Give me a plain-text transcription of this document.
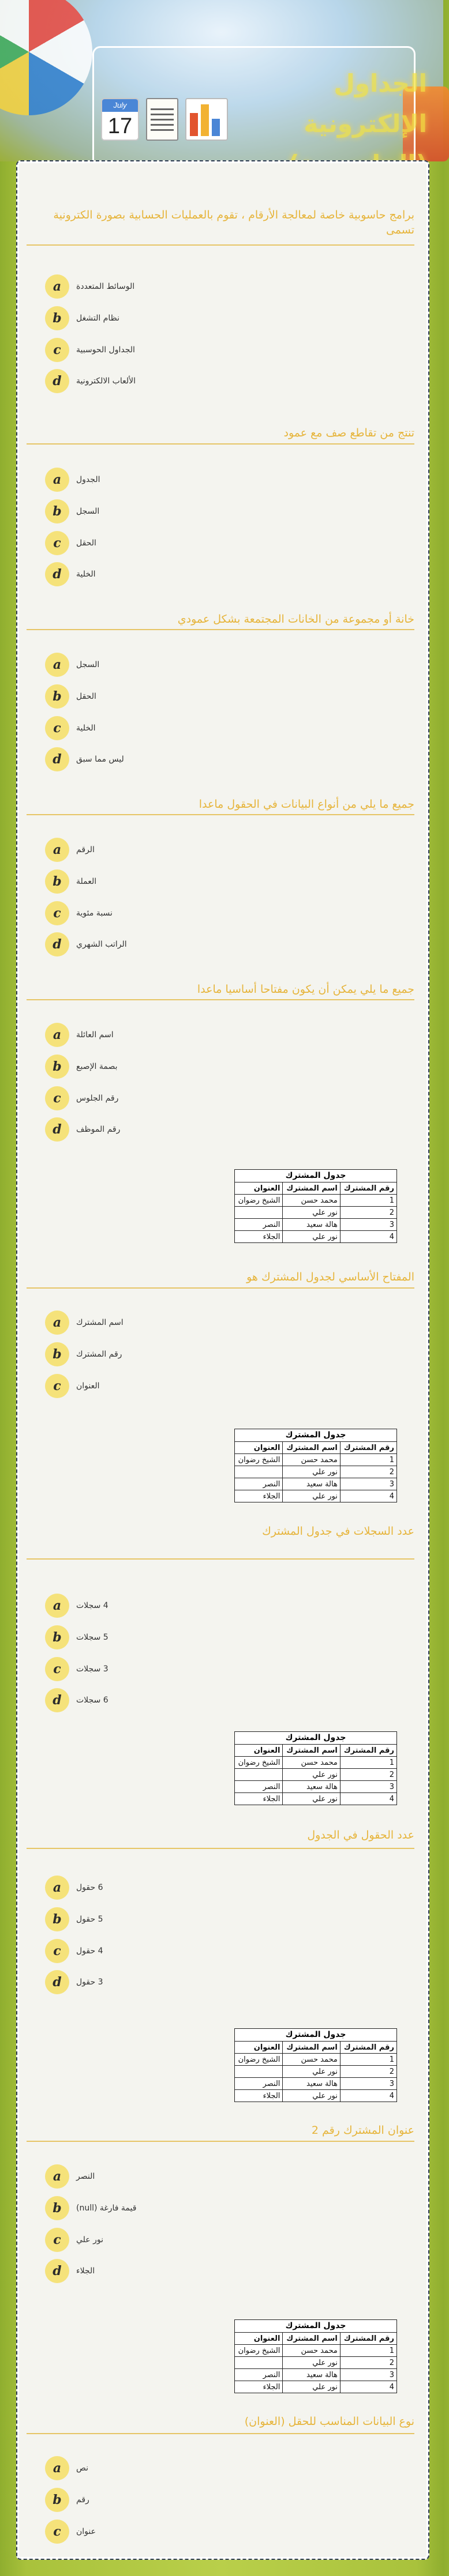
الجداول الإلكترونية
July
17
برامج حاسوبية خاصة لمعالجة الأرقام ، تقوم بالعمليات الحسابية بصورة الكترونية تسمى
a	الوسائط المتعددة
b	نظام التشغل
c	الجداول الحوسبية
d	الألعاب الالكترونية
تنتج من تقاطع صف مع عمود
a	الجدول
b	السجل
c	الحقل
d	الخلية
خانة أو مجموعة من الخانات المجتمعة بشكل عمودي
a	السجل
b	الحقل
c	الخلية
d	ليس مما سبق
جميع ما يلي من أنواع البيانات في الحقول ماعدا
a	الرقم
b	العملة
c	نسبة مئوية
d	الراتب الشهري
جميع ما يلي يمكن أن يكون مفتاحا أساسيا ماعدا
a	اسم العائلة
b	بصمة الإصبع
c	رقم الجلوس
d	رقم الموظف
جدول المشترك
رقم المشترك	اسم المشترك	العنوان
1	محمد حسن	الشيخ رضوان
2	نور علي	
3	هالة سعيد	النصر
4	نور علي	الجلاء
المفتاح الأساسي لجدول المشترك هو
a	اسم المشترك
b	رقم المشترك
c	العنوان
جدول المشترك
رقم المشترك	اسم المشترك	العنوان
1	محمد حسن	الشيخ رضوان
2	نور علي	
3	هالة سعيد	النصر
4	نور علي	الجلاء
عدد السجلات في جدول المشترك
a	4 سجلات
b	5 سجلات
c	3 سجلات
d	6 سجلات
جدول المشترك
رقم المشترك	اسم المشترك	العنوان
1	محمد حسن	الشيخ رضوان
2	نور علي	
3	هالة سعيد	النصر
4	نور علي	الجلاء
عدد الحقول في الجدول
a	6 حقول
b	5 حقول
c	4 حقول
d	3 حقول
جدول المشترك
رقم المشترك	اسم المشترك	العنوان
1	محمد حسن	الشيخ رضوان
2	نور علي	
3	هالة سعيد	النصر
4	نور علي	الجلاء
عنوان المشترك رقم 2
a	النصر
b	قيمة فارغة (null)
c	نور علي
d	الجلاء
جدول المشترك
رقم المشترك	اسم المشترك	العنوان
1	محمد حسن	الشيخ رضوان
2	نور علي	
3	هالة سعيد	النصر
4	نور علي	الجلاء
نوع البيانات المناسب للحقل (العنوان)
a	نص
b	رقم
c	عنوان
